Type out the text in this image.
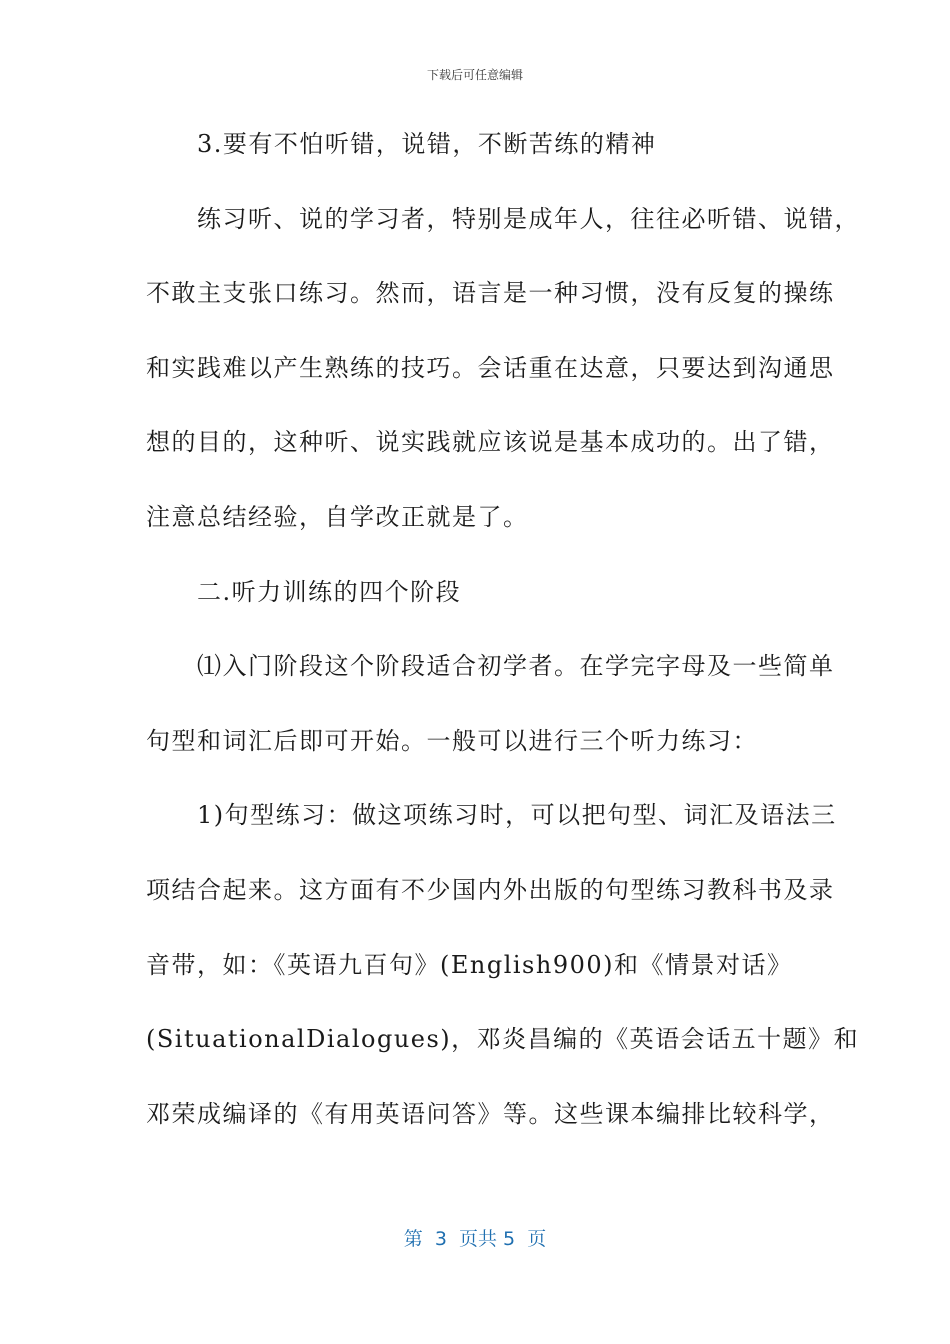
下载后可任意编辑
　　3.要有不怕听错，说错，不断苦练的精神
　　练习听、说的学习者，特别是成年人，往往必听错、说错，
不敢主支张口练习。然而，语言是一种习惯，没有反复的操练
和实践难以产生熟练的技巧。会话重在达意，只要达到沟通思
想的目的，这种听、说实践就应该说是基本成功的。出了错，
注意总结经验，自学改正就是了。
　　二.听力训练的四个阶段
　　⑴入门阶段这个阶段适合初学者。在学完字母及一些简单
句型和词汇后即可开始。一般可以进行三个听力练习：
　　1)句型练习：做这项练习时，可以把句型、词汇及语法三
项结合起来。这方面有不少国内外出版的句型练习教科书及录
音带，如：《英语九百句》(English900)和《情景对话》
(SituationalDialogues)，邓炎昌编的《英语会话五十题》和
邓荣成编译的《有用英语问答》等。这些课本编排比较科学，
第  3  页共 5  页
